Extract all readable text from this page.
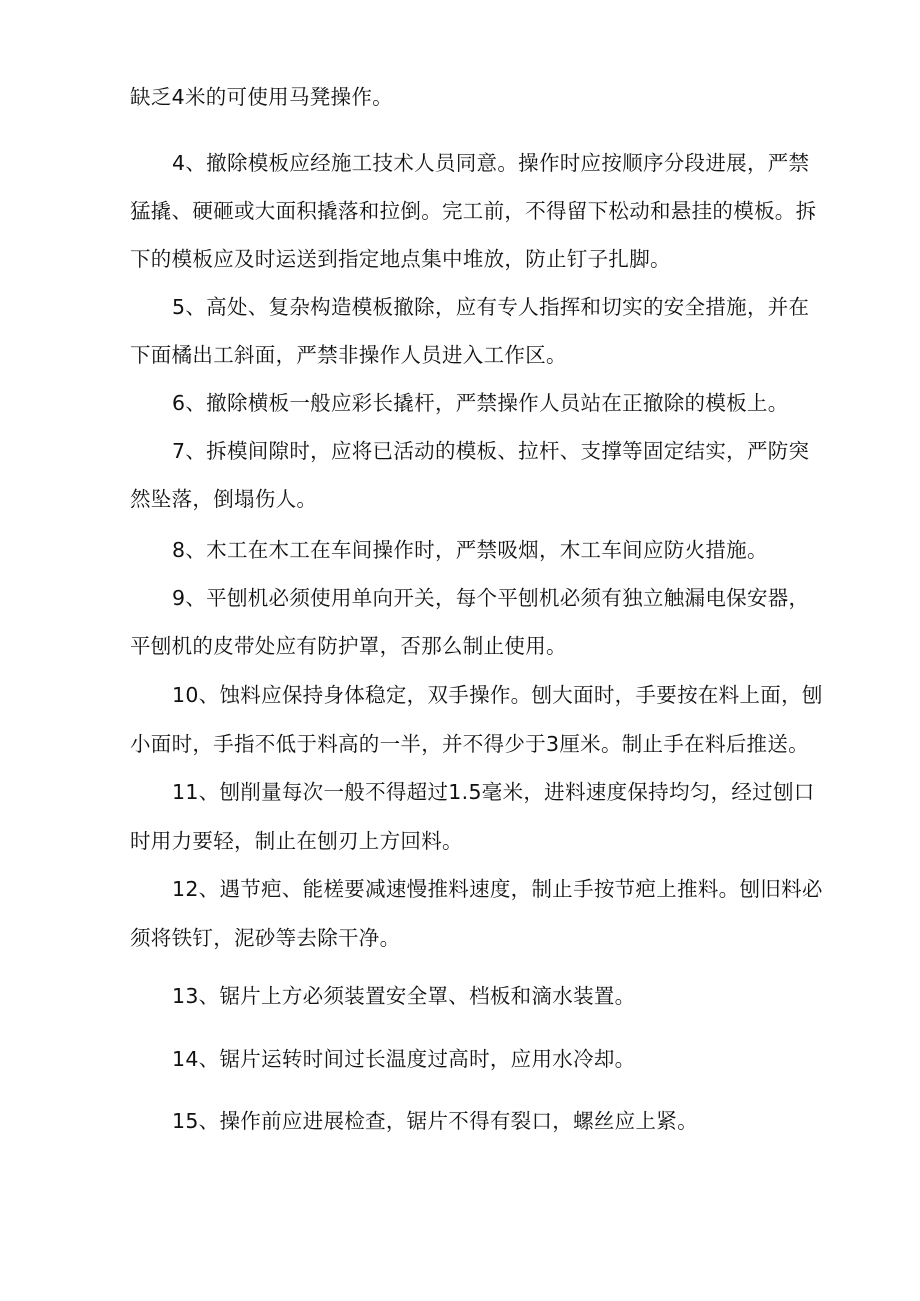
缺乏4米的可使用马凳操作。
4、撤除模板应经施工技术人员同意。操作时应按顺序分段进展，严禁
猛撬、硬砸或大面积撬落和拉倒。完工前，不得留下松动和悬挂的模板。拆
下的模板应及时运送到指定地点集中堆放，防止钉子扎脚。
5、高处、复杂构造模板撤除，应有专人指挥和切实的安全措施，并在
下面橘出工斜面，严禁非操作人员进入工作区。
6、撤除横板一般应彩长撬杆，严禁操作人员站在正撤除的模板上。
7、拆模间隙时，应将已活动的模板、拉杆、支撑等固定结实，严防突
然坠落，倒塌伤人。
8、木工在木工在车间操作时，严禁吸烟，木工车间应防火措施。
9、平刨机必须使用单向开关，每个平刨机必须有独立触漏电保安器，
平刨机的皮带处应有防护罩，否那么制止使用。
10、蚀料应保持身体稳定，双手操作。刨大面时，手要按在料上面，刨
小面时，手指不低于料高的一半，并不得少于3厘米。制止手在料后推送。
11、刨削量每次一般不得超过1.5毫米，进料速度保持均匀，经过刨口
时用力要轻，制止在刨刃上方回料。
12、遇节疤、能槎要减速慢推料速度，制止手按节疤上推料。刨旧料必
须将铁钉，泥砂等去除干净。
13、锯片上方必须装置安全罩、档板和滴水装置。
14、锯片运转时间过长温度过高时，应用水冷却。
15、操作前应进展检查，锯片不得有裂口，螺丝应上紧。
